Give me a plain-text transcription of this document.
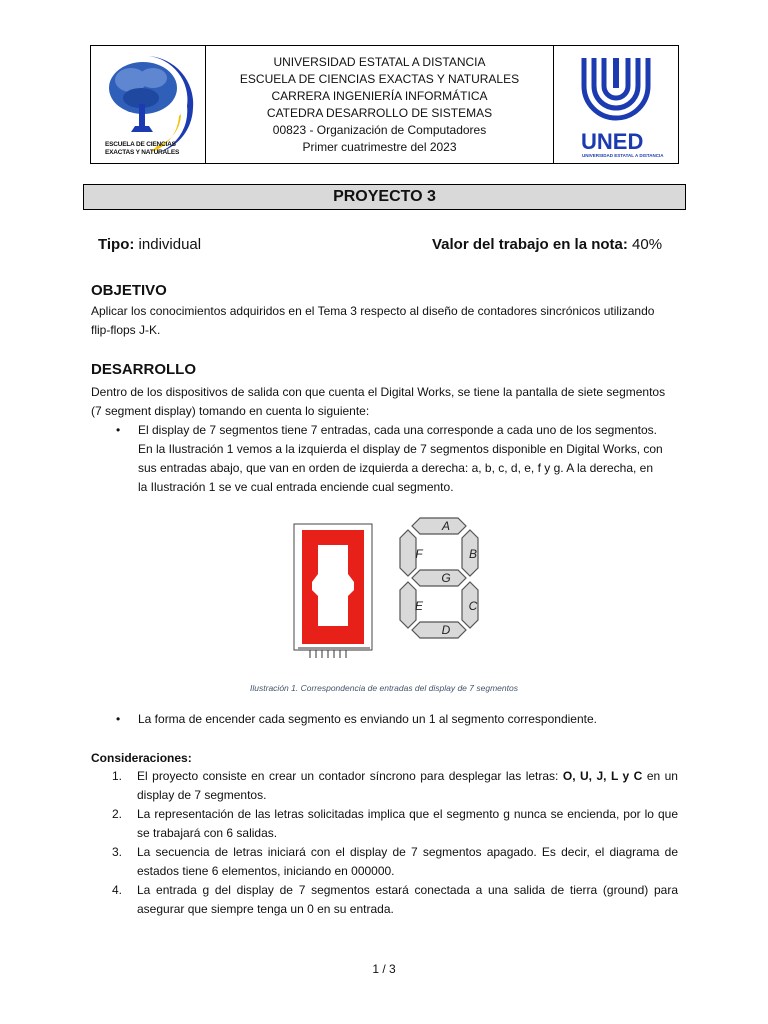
ESCUELA DE CIENCIAS
EXACTAS Y NATURALES
UNIVERSIDAD ESTATAL A DISTANCIA
ESCUELA DE CIENCIAS EXACTAS Y NATURALES
CARRERA INGENIERÍA INFORMÁTICA
CATEDRA DESARROLLO DE SISTEMAS
00823 - Organización de Computadores
Primer cuatrimestre del 2023	UNED
UNIVERSIDAD ESTATAL A DISTANCIA
PROYECTO 3
Tipo: individual	Valor del trabajo en la nota: 40%
OBJETIVO
Aplicar los conocimientos adquiridos en el Tema 3 respecto al diseño de contadores sincrónicos utilizando
flip-flops J-K.
DESARROLLO
Dentro de los dispositivos de salida con que cuenta el Digital Works, se tiene la pantalla de siete segmentos
(7 segment display) tomando en cuenta lo siguiente:
• El display de 7 segmentos tiene 7 entradas, cada una corresponde a cada uno de los segmentos.
En la Ilustración 1 vemos a la izquierda el display de 7 segmentos disponible en Digital Works, con
sus entradas abajo, que van en orden de izquierda a derecha: a, b, c, d, e, f y g. A la derecha, en
la Ilustración 1 se ve cual entrada enciende cual segmento.
A
B
C
D
E
F
G
Ilustración 1. Correspondencia de entradas del display de 7 segmentos
• La forma de encender cada segmento es enviando un 1 al segmento correspondiente.
Consideraciones:
1. El proyecto consiste en crear un contador síncrono para desplegar las letras: O, U, J, L y C en un display de 7 segmentos.
2. La representación de las letras solicitadas implica que el segmento g nunca se encienda, por lo que se trabajará con 6 salidas.
3. La secuencia de letras iniciará con el display de 7 segmentos apagado. Es decir, el diagrama de estados tiene 6 elementos, iniciando en 000000.
4. La entrada g del display de 7 segmentos estará conectada a una salida de tierra (ground) para asegurar que siempre tenga un 0 en su entrada.
1 / 3
